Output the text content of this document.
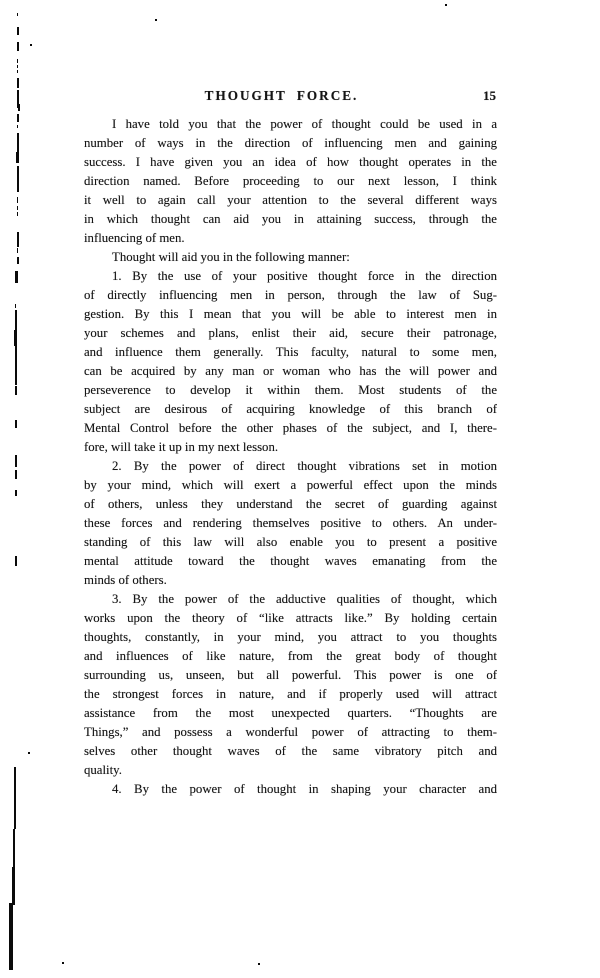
THOUGHT FORCE.	15
I have told you that the power of thought could be used in a
number of ways in the direction of influencing men and gaining
success. I have given you an idea of how thought operates in the
direction named. Before proceeding to our next lesson, I think
it well to again call your attention to the several different ways
in which thought can aid you in attaining success, through the
influencing of men.
Thought will aid you in the following manner:
1. By the use of your positive thought force in the direction
of directly influencing men in person, through the law of Sug-
gestion. By this I mean that you will be able to interest men in
your schemes and plans, enlist their aid, secure their patronage,
and influence them generally. This faculty, natural to some men,
can be acquired by any man or woman who has the will power and
perseverence to develop it within them. Most students of the
subject are desirous of acquiring knowledge of this branch of
Mental Control before the other phases of the subject, and I, there-
fore, will take it up in my next lesson.
2. By the power of direct thought vibrations set in motion
by your mind, which will exert a powerful effect upon the minds
of others, unless they understand the secret of guarding against
these forces and rendering themselves positive to others. An under-
standing of this law will also enable you to present a positive
mental attitude toward the thought waves emanating from the
minds of others.
3. By the power of the adductive qualities of thought, which
works upon the theory of “like attracts like.” By holding certain
thoughts, constantly, in your mind, you attract to you thoughts
and influences of like nature, from the great body of thought
surrounding us, unseen, but all powerful. This power is one of
the strongest forces in nature, and if properly used will attract
assistance from the most unexpected quarters. “Thoughts are
Things,” and possess a wonderful power of attracting to them-
selves other thought waves of the same vibratory pitch and
quality.
4. By the power of thought in shaping your character and
